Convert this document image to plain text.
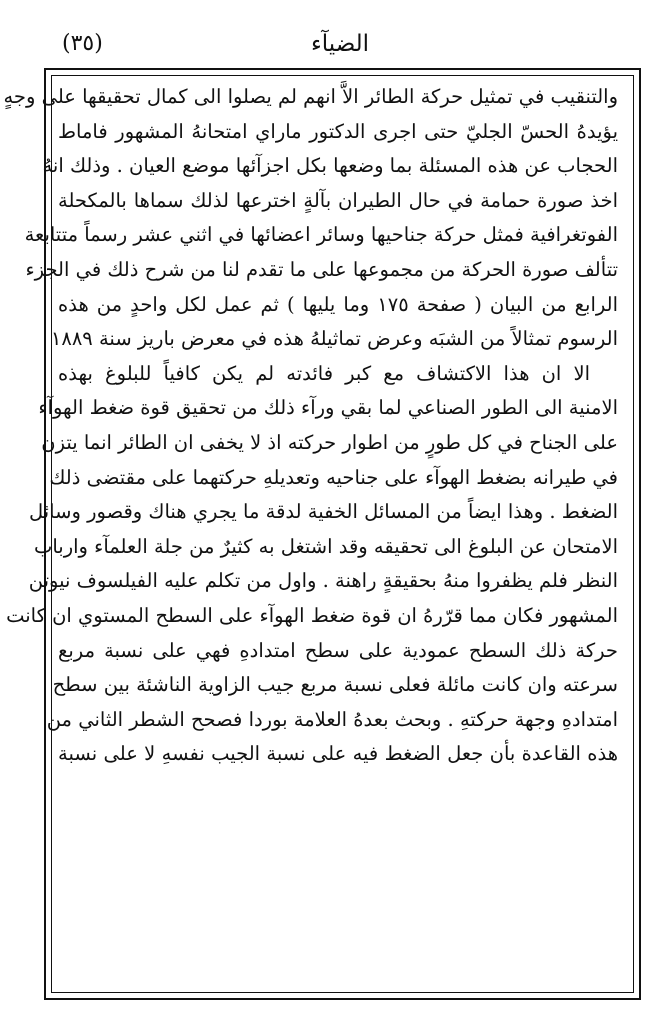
(٣٥)	الضيآء
والتنقيب في تمثيل حركة الطائر الاَّ انهم لم يصلوا الى كمال تحقيقها على وجهٍ
يؤيدهُ الحسّ الجليّ حتى اجرى الدكتور ماراي امتحانهُ المشهور فاماط
الحجاب عن هذه المسئلة بما وضعها بكل اجزآئها موضع العيان . وذلك انهُ
اخذ صورة حمامة في حال الطيران بآلةٍ اخترعها لذلك سماها بالمكحلة
الفوتغرافية فمثل حركة جناحيها وسائر اعضائها في اثني عشر رسماً متتابعة
تتألف صورة الحركة من مجموعها على ما تقدم لنا من شرح ذلك في الجزء
الرابع من البيان ( صفحة ١٧٥ وما يليها ) ثم عمل لكل واحدٍ من هذه
الرسوم تمثالاً من الشبَه وعرض تماثيلهُ هذه في معرض باريز سنة ١٨٨٩
الا ان هذا الاكتشاف مع كبر فائدته لم يكن كافياً للبلوغ بهذه
الامنية الى الطور الصناعي لما بقي ورآء ذلك من تحقيق قوة ضغط الهوآء
على الجناح في كل طورٍ من اطوار حركته اذ لا يخفى ان الطائر انما يتزن
في طيرانه بضغط الهوآء على جناحيه وتعديلهِ حركتهما على مقتضى ذلك
الضغط . وهذا ايضاً من المسائل الخفية لدقة ما يجري هناك وقصور وسائل
الامتحان عن البلوغ الى تحقيقه وقد اشتغل به كثيرٌ من جلة العلمآء وارباب
النظر فلم يظفروا منهُ بحقيقةٍ راهنة . واول من تكلم عليه الفيلسوف نيوتن
المشهور فكان مما قرّرهُ ان قوة ضغط الهوآء على السطح المستوي ان كانت
حركة ذلك السطح عمودية على سطح امتدادهِ فهي على نسبة مربع
سرعته وان كانت مائلة فعلى نسبة مربع جيب الزاوية الناشئة بين سطح
امتدادهِ وجهة حركتهِ . وبحث بعدهُ العلامة بوردا فصحح الشطر الثاني من
هذه القاعدة بأن جعل الضغط فيه على نسبة الجيب نفسهِ لا على نسبة
